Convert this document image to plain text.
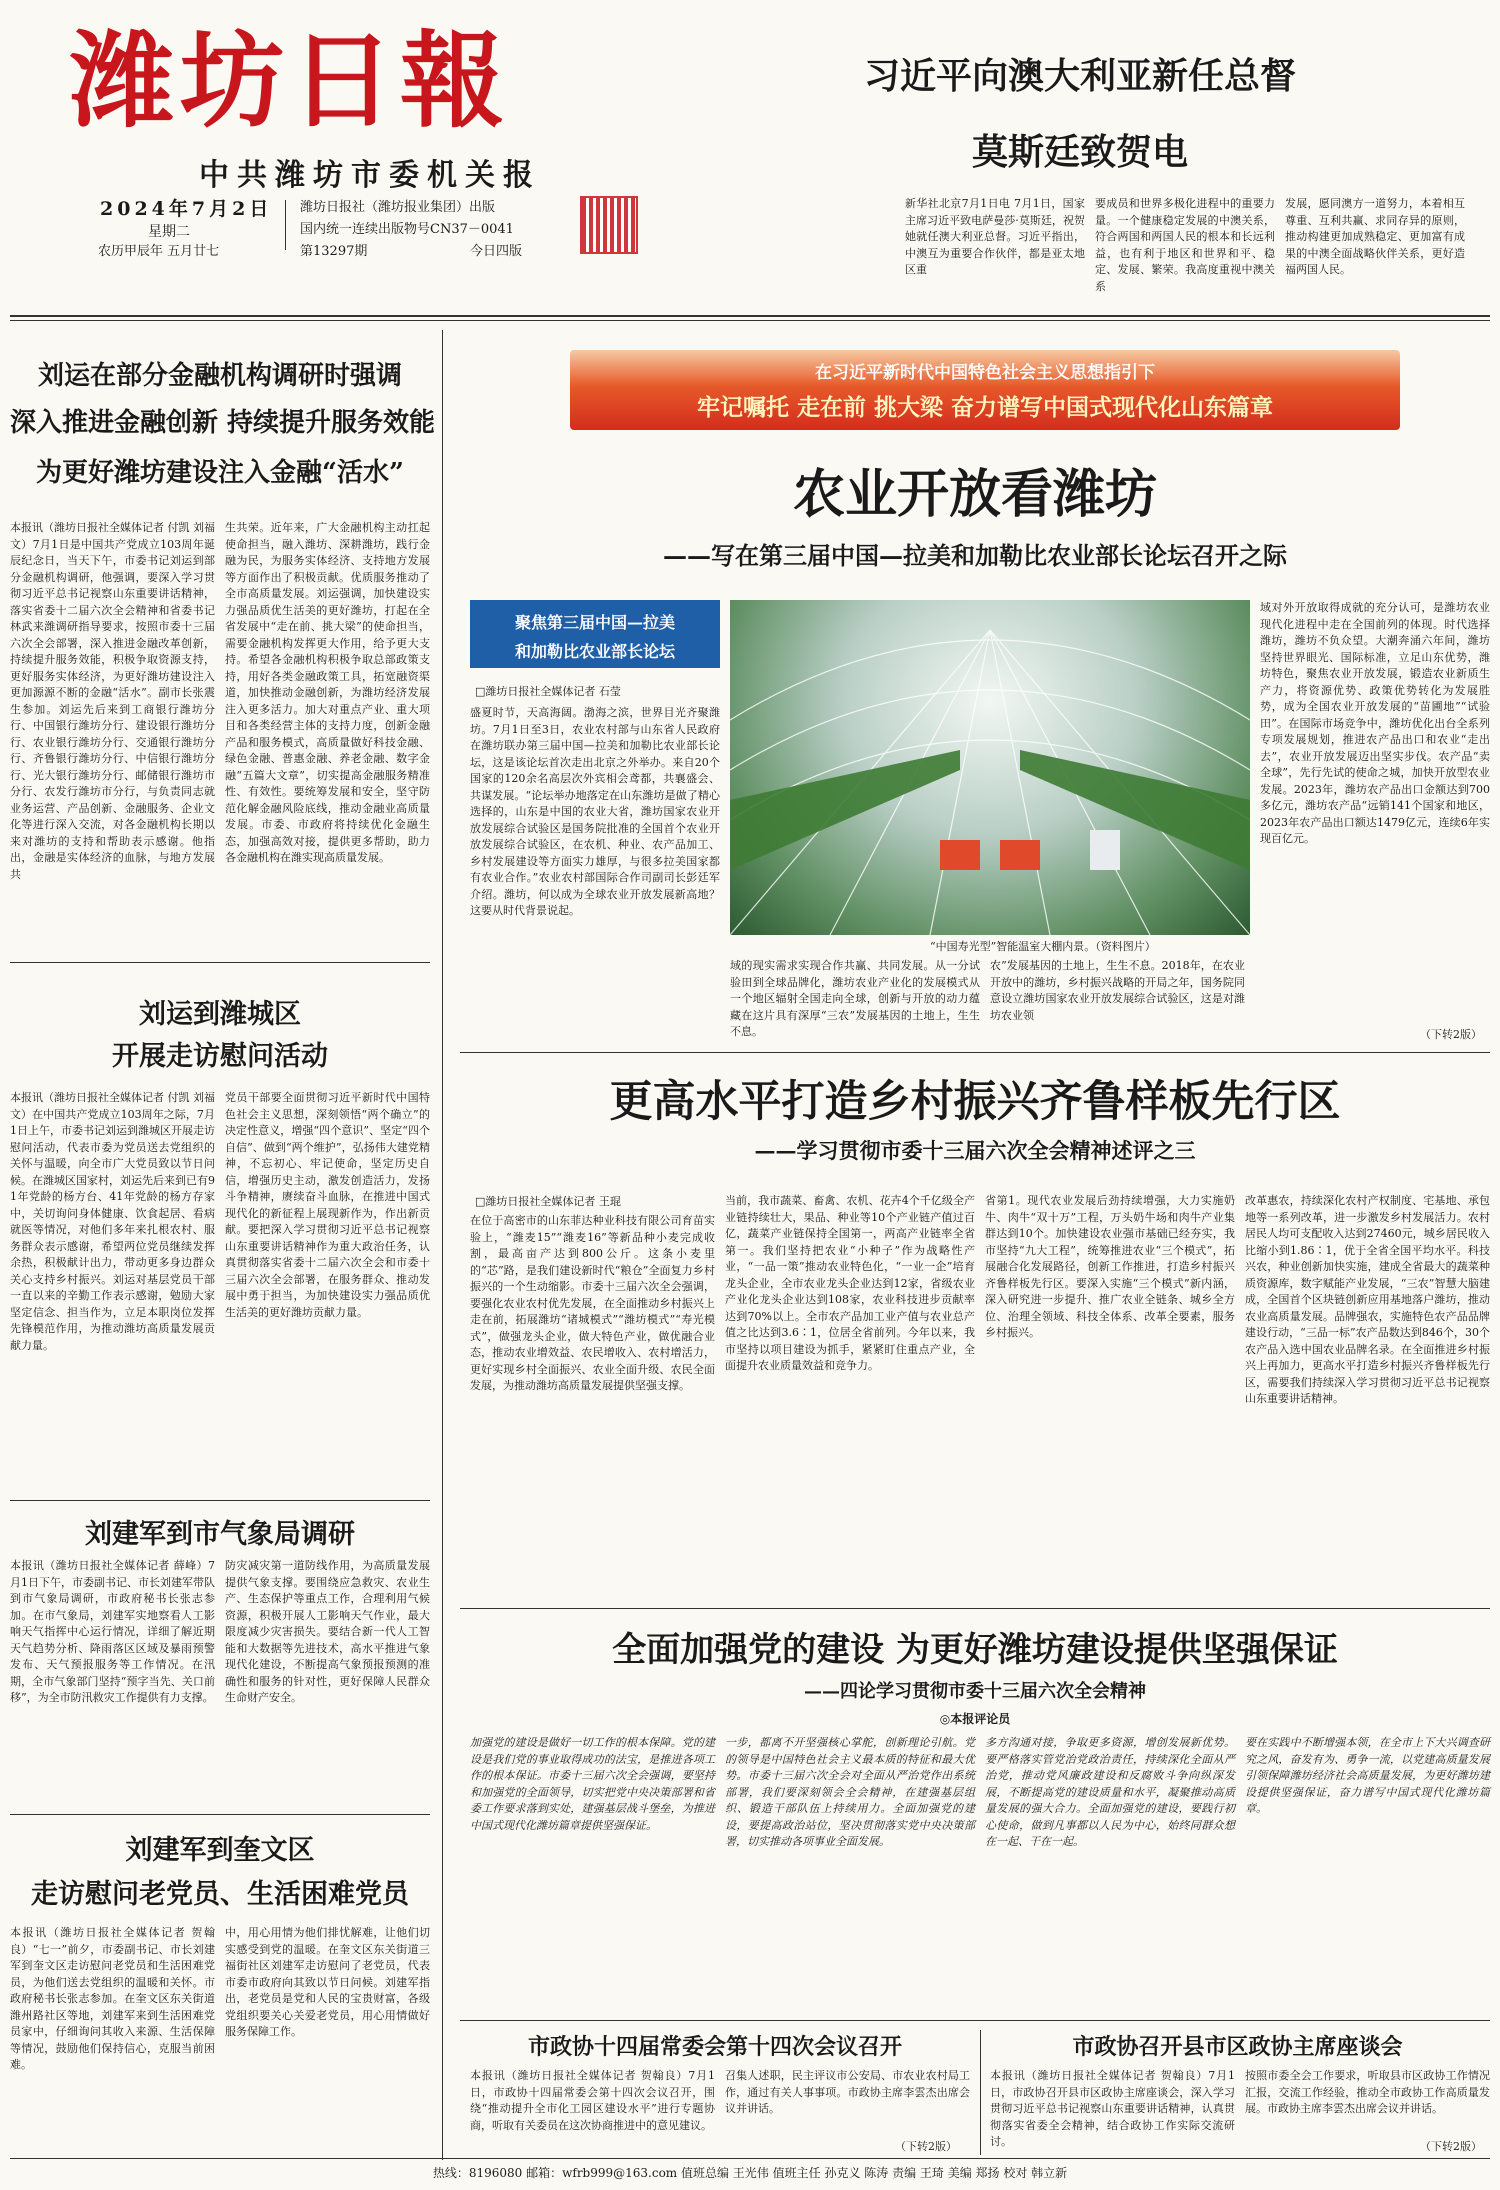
潍坊日報
中共潍坊市委机关报
2024年7月2日
星期二
农历甲辰年 五月廿七
潍坊日报社（潍坊报业集团）出版
国内统一连续出版物号CN37－0041
第13297期	今日四版
习近平向澳大利亚新任总督
莫斯廷致贺电
新华社北京7月1日电 7月1日，国家主席习近平致电萨曼莎·莫斯廷，祝贺她就任澳大利亚总督。习近平指出，中澳互为重要合作伙伴，都是亚太地区重
要成员和世界多极化进程中的重要力量。一个健康稳定发展的中澳关系，符合两国和两国人民的根本和长远利益，也有利于地区和世界和平、稳定、发展、繁荣。我高度重视中澳关系
发展，愿同澳方一道努力，本着相互尊重、互利共赢、求同存异的原则，推动构建更加成熟稳定、更加富有成果的中澳全面战略伙伴关系，更好造福两国人民。
刘运在部分金融机构调研时强调
深入推进金融创新 持续提升服务效能
为更好潍坊建设注入金融“活水”
本报讯（潍坊日报社全媒体记者 付凯 刘福文）7月1日是中国共产党成立103周年诞辰纪念日，当天下午，市委书记刘运到部分金融机构调研，他强调，要深入学习贯彻习近平总书记视察山东重要讲话精神，落实省委十二届六次全会精神和省委书记林武来潍调研指导要求，按照市委十三届六次全会部署，深入推进金融改革创新，持续提升服务效能，积极争取资源支持，更好服务实体经济，为更好潍坊建设注入更加源源不断的金融“活水”。副市长张震生参加。刘运先后来到工商银行潍坊分行、中国银行潍坊分行、建设银行潍坊分行、农业银行潍坊分行、交通银行潍坊分行、齐鲁银行潍坊分行、中信银行潍坊分行、光大银行潍坊分行、邮储银行潍坊市分行、农发行潍坊市分行，与负责同志就业务运营、产品创新、金融服务、企业文化等进行深入交流，对各金融机构长期以来对潍坊的支持和帮助表示感谢。他指出，金融是实体经济的血脉，与地方发展共
生共荣。近年来，广大金融机构主动扛起使命担当，融入潍坊、深耕潍坊，践行金融为民，为服务实体经济、支持地方发展等方面作出了积极贡献。优质服务推动了全市高质量发展。刘运强调，加快建设实力强品质优生活美的更好潍坊，打起在全省发展中“走在前、挑大梁”的使命担当，需要金融机构发挥更大作用，给予更大支持。希望各金融机构积极争取总部政策支持，用好各类金融政策工具，拓宽融资渠道，加快推动金融创新，为潍坊经济发展注入更多活力。加大对重点产业、重大项目和各类经营主体的支持力度，创新金融产品和服务模式，高质量做好科技金融、绿色金融、普惠金融、养老金融、数字金融“五篇大文章”，切实提高金融服务精准性、有效性。要统筹发展和安全，坚守防范化解金融风险底线，推动金融业高质量发展。市委、市政府将持续优化金融生态，加强高效对接，提供更多帮助，助力各金融机构在潍实现高质量发展。
刘运到潍城区
开展走访慰问活动
本报讯（潍坊日报社全媒体记者 付凯 刘福文）在中国共产党成立103周年之际，7月1日上午，市委书记刘运到潍城区开展走访慰问活动，代表市委为党员送去党组织的关怀与温暖，向全市广大党员致以节日问候。在潍城区国家村，刘运先后来到已有91年党龄的杨方台、41年党龄的杨方存家中，关切询问身体健康、饮食起居、看病就医等情况，对他们多年来扎根农村、服务群众表示感谢，希望两位党员继续发挥余热，积极献计出力，带动更多身边群众关心支持乡村振兴。刘运对基层党员干部一直以来的辛勤工作表示感谢，勉励大家坚定信念、担当作为，立足本职岗位发挥先锋模范作用，为推动潍坊高质量发展贡献力量。
党员干部要全面贯彻习近平新时代中国特色社会主义思想，深刻领悟“两个确立”的决定性意义，增强“四个意识”、坚定“四个自信”、做到“两个维护”，弘扬伟大建党精神，不忘初心、牢记使命，坚定历史自信，增强历史主动，激发创造活力，发扬斗争精神，赓续奋斗血脉，在推进中国式现代化的新征程上展现新作为，作出新贡献。要把深入学习贯彻习近平总书记视察山东重要讲话精神作为重大政治任务，认真贯彻落实省委十二届六次全会和市委十三届六次全会部署，在服务群众、推动发展中勇于担当，为加快建设实力强品质优生活美的更好潍坊贡献力量。
刘建军到市气象局调研
本报讯（潍坊日报社全媒体记者 薛峰）7月1日下午，市委副书记、市长刘建军带队到市气象局调研，市政府秘书长张志参加。在市气象局，刘建军实地察看人工影响天气指挥中心运行情况，详细了解近期天气趋势分析、降雨落区区域及暴雨预警发布、天气预报服务等工作情况。在汛期，全市气象部门坚持“预字当先、关口前移”，为全市防汛救灾工作提供有力支撑。
防灾减灾第一道防线作用，为高质量发展提供气象支撑。要围绕应急救灾、农业生产、生态保护等重点工作，合理利用气候资源，积极开展人工影响天气作业，最大限度减少灾害损失。要结合新一代人工智能和大数据等先进技术，高水平推进气象现代化建设，不断提高气象预报预测的准确性和服务的针对性，更好保障人民群众生命财产安全。
刘建军到奎文区
走访慰问老党员、生活困难党员
本报讯（潍坊日报社全媒体记者 贺翰良）“七一”前夕，市委副书记、市长刘建军到奎文区走访慰问老党员和生活困难党员，为他们送去党组织的温暖和关怀。市政府秘书长张志参加。在奎文区东关街道潍州路社区等地，刘建军来到生活困难党员家中，仔细询问其收入来源、生活保障等情况，鼓励他们保持信心，克服当前困难。
中，用心用情为他们排忧解难，让他们切实感受到党的温暖。在奎文区东关街道三福街社区刘建军走访慰问了老党员，代表市委市政府向其致以节日问候。刘建军指出，老党员是党和人民的宝贵财富，各级党组织要关心关爱老党员，用心用情做好服务保障工作。
在习近平新时代中国特色社会主义思想指引下
牢记嘱托 走在前 挑大梁 奋力谱写中国式现代化山东篇章
农业开放看潍坊
——写在第三届中国—拉美和加勒比农业部长论坛召开之际
聚焦第三届中国—拉美
和加勒比农业部长论坛
□潍坊日报社全媒体记者 石莹
盛夏时节，天高海阔。渤海之滨，世界目光齐聚潍坊。7月1日至3日，农业农村部与山东省人民政府在潍坊联办第三届中国—拉美和加勒比农业部长论坛，这是该论坛首次走出北京之外举办。来自20个国家的120余名高层次外宾相会鸢都，共襄盛会、共谋发展。“论坛举办地落定在山东潍坊是做了精心选择的，山东是中国的农业大省，潍坊国家农业开放发展综合试验区是国务院批准的全国首个农业开放发展综合试验区，在农机、种业、农产品加工、乡村发展建设等方面实力雄厚，与很多拉美国家都有农业合作。”农业农村部国际合作司副司长彭廷军介绍。潍坊，何以成为全球农业开放发展新高地？这要从时代背景说起。
“中国寿光型”智能温室大棚内景。（资料图片）
域的现实需求实现合作共赢、共同发展。从一分试验田到全球品牌化，潍坊农业产业化的发展模式从一个地区辐射全国走向全球，创新与开放的动力蕴藏在这片具有深厚“三农”发展基因的土地上，生生不息。
农”发展基因的土地上，生生不息。2018年，在农业开放中的潍坊，乡村振兴战略的开局之年，国务院同意设立潍坊国家农业开放发展综合试验区，这是对潍坊农业领
域对外开放取得成就的充分认可，是潍坊农业现代化进程中走在全国前列的体现。时代选择潍坊，潍坊不负众望。大潮奔涌六年间，潍坊坚持世界眼光、国际标准，立足山东优势，潍坊特色，聚焦农业开放发展，锻造农业新质生产力，将资源优势、政策优势转化为发展胜势，成为全国农业开放发展的“苗圃地”“试验田”。在国际市场竞争中，潍坊优化出台全系列专项发展规划，推进农产品出口和农业“走出去”，农业开放发展迈出坚实步伐。农产品“卖全球”，先行先试的使命之城，加快开放型农业发展。2023年，潍坊农产品出口金额达到700多亿元，潍坊农产品“远销141个国家和地区，2023年农产品出口额达1479亿元，连续6年实现百亿元。
（下转2版）
更高水平打造乡村振兴齐鲁样板先行区
——学习贯彻市委十三届六次全会精神述评之三
□潍坊日报社全媒体记者 王琨
在位于高密市的山东菲达种业科技有限公司育苗实验上，“潍麦15”“潍麦16”等新品种小麦完成收割，最高亩产达到800公斤。这条小麦里的“芯”路，是我们建设新时代“粮仓”全面复力乡村振兴的一个生动缩影。市委十三届六次全会强调，要强化农业农村优先发展，在全面推动乡村振兴上走在前，拓展潍坊“诸城模式”“潍坊模式”“寿光模式”，做强龙头企业，做大特色产业，做优融合业态，推动农业增效益、农民增收入、农村增活力，更好实现乡村全面振兴、农业全面升级、农民全面发展，为推动潍坊高质量发展提供坚强支撑。
当前，我市蔬菜、畜禽、农机、花卉4个千亿级全产业链持续壮大，果品、种业等10个产业链产值过百亿，蔬菜产业链保持全国第一，两高产业链率全省第一。我们坚持把农业“小种子”作为战略性产业，“一品一策”推动农业特色化，“一业一企”培育龙头企业，全市农业龙头企业达到12家，省级农业产业化龙头企业达到108家，农业科技进步贡献率达到70%以上。全市农产品加工业产值与农业总产值之比达到3.6∶1，位居全省前列。今年以来，我市坚持以项目建设为抓手，紧紧盯住重点产业，全面提升农业质量效益和竞争力。
省第1。现代农业发展后劲持续增强，大力实施奶牛、肉牛“双十万”工程，万头奶牛场和肉牛产业集群达到10个。加快建设农业强市基础已经夯实，我市坚持“九大工程”，统筹推进农业“三个模式”，拓展融合化发展路径，创新工作推进，打造乡村振兴齐鲁样板先行区。要深入实施“三个模式”新内涵，深入研究进一步提升、推广农业全链条、城乡全方位、治理全领域、科技全体系、改革全要素，服务乡村振兴。
改革惠农，持续深化农村产权制度、宅基地、承包地等一系列改革，进一步激发乡村发展活力。农村居民人均可支配收入达到27460元，城乡居民收入比缩小到1.86∶1，优于全省全国平均水平。科技兴农，种业创新加快实施，建成全省最大的蔬菜种质资源库，数字赋能产业发展，“三农”智慧大脑建成，全国首个区块链创新应用基地落户潍坊，推动农业高质量发展。品牌强农，实施特色农产品品牌建设行动，“三品一标”农产品数达到846个，30个农产品入选中国农业品牌名录。在全面推进乡村振兴上再加力，更高水平打造乡村振兴齐鲁样板先行区，需要我们持续深入学习贯彻习近平总书记视察山东重要讲话精神。
全面加强党的建设 为更好潍坊建设提供坚强保证
——四论学习贯彻市委十三届六次全会精神
◎本报评论员
加强党的建设是做好一切工作的根本保障。党的建设是我们党的事业取得成功的法宝，是推进各项工作的根本保证。市委十三届六次全会强调，要坚持和加强党的全面领导，切实把党中央决策部署和省委工作要求落到实处，建强基层战斗堡垒，为推进中国式现代化潍坊篇章提供坚强保证。
一步，都离不开坚强核心掌舵，创新理论引航。党的领导是中国特色社会主义最本质的特征和最大优势。市委十三届六次全会对全面从严治党作出系统部署，我们要深刻领会全会精神，在建强基层组织、锻造干部队伍上持续用力。全面加强党的建设，要提高政治站位，坚决贯彻落实党中央决策部署，切实推动各项事业全面发展。
多方沟通对接，争取更多资源，增创发展新优势。要严格落实管党治党政治责任，持续深化全面从严治党，推动党风廉政建设和反腐败斗争向纵深发展，不断提高党的建设质量和水平，凝聚推动高质量发展的强大合力。全面加强党的建设，要践行初心使命，做到凡事都以人民为中心，始终同群众想在一起、干在一起。
要在实践中不断增强本领，在全市上下大兴调查研究之风，奋发有为、勇争一流，以党建高质量发展引领保障潍坊经济社会高质量发展，为更好潍坊建设提供坚强保证，奋力谱写中国式现代化潍坊篇章。
市政协十四届常委会第十四次会议召开
本报讯（潍坊日报社全媒体记者 贺翰良）7月1日，市政协十四届常委会第十四次会议召开，围绕“推动提升全市化工园区建设水平”进行专题协商，听取有关委员在这次协商推进中的意见建议。
召集人述职，民主评议市公安局、市农业农村局工作，通过有关人事事项。市政协主席李雲杰出席会议并讲话。
（下转2版）
市政协召开县市区政协主席座谈会
本报讯（潍坊日报社全媒体记者 贺翰良）7月1日，市政协召开县市区政协主席座谈会，深入学习贯彻习近平总书记视察山东重要讲话精神，认真贯彻落实省委全会精神，结合政协工作实际交流研讨。
按照市委全会工作要求，听取县市区政协工作情况汇报，交流工作经验，推动全市政协工作高质量发展。市政协主席李雲杰出席会议并讲话。
（下转2版）
热线：8196080 邮箱：wfrb999@163.com 值班总编 王光伟 值班主任 孙克义 陈涛 责编 王琦 美编 郑扬 校对 韩立新
